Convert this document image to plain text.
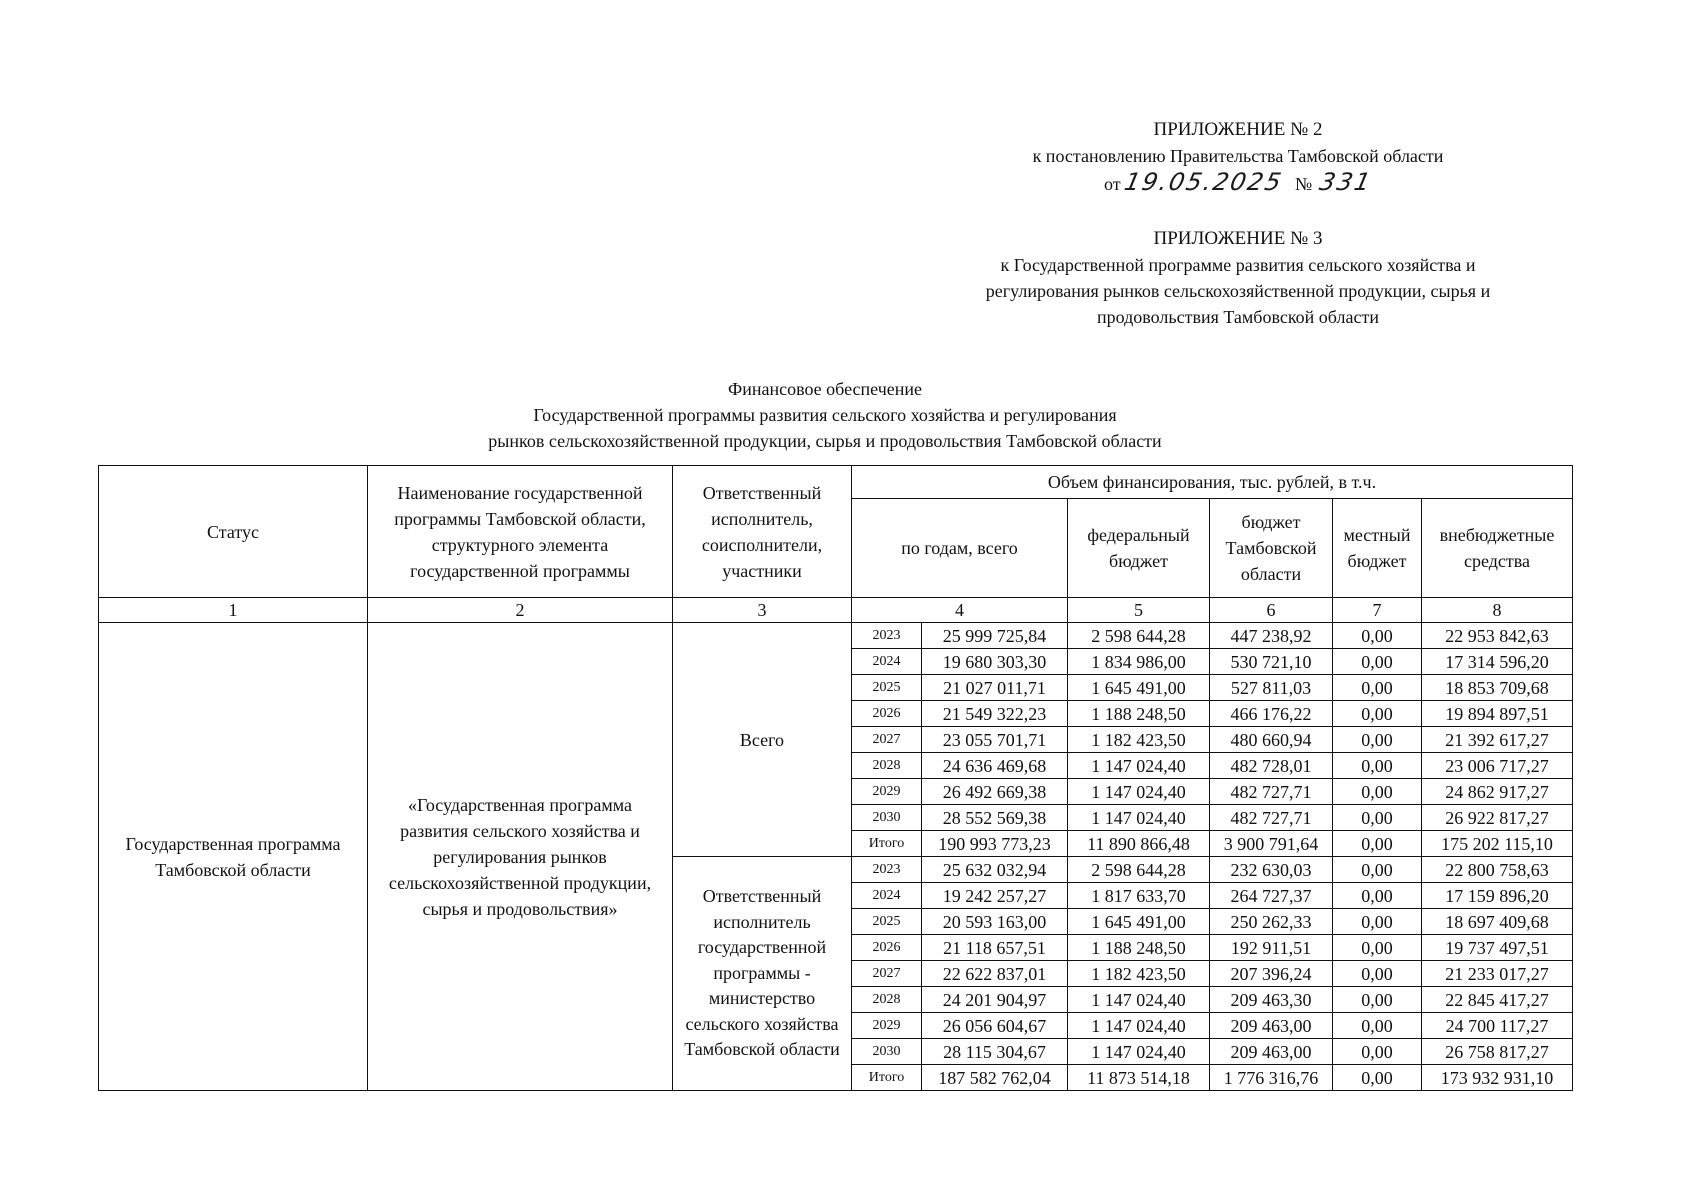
ПРИЛОЖЕНИЕ № 2
к постановлению Правительства Тамбовской области
от 19.05.2025 № 331
ПРИЛОЖЕНИЕ № 3
к Государственной программе развития сельского хозяйства и
регулирования рынков сельскохозяйственной продукции, сырья и
продовольствия Тамбовской области
Финансовое обеспечение
Государственной программы развития сельского хозяйства и регулирования
рынков сельскохозяйственной продукции, сырья и продовольствия Тамбовской области
Статус	Наименование государственной программы Тамбовской области, структурного элемента государственной программы	Ответственный исполнитель, соисполнители, участники	Объем финансирования, тыс. рублей, в т.ч.					
			по годам, всего		федеральный бюджет	бюджет Тамбовской области	местный бюджет	внебюджетные средства
1	2	3	4		5	6	7	8
Государственная программа Тамбовской области	«Государственная программа развития сельского хозяйства и регулирования рынков сельскохозяйственной продукции, сырья и продовольствия»	Всего	2023	25 999 725,84	2 598 644,28	447 238,92	0,00	22 953 842,63
			2024	19 680 303,30	1 834 986,00	530 721,10	0,00	17 314 596,20
			2025	21 027 011,71	1 645 491,00	527 811,03	0,00	18 853 709,68
			2026	21 549 322,23	1 188 248,50	466 176,22	0,00	19 894 897,51
			2027	23 055 701,71	1 182 423,50	480 660,94	0,00	21 392 617,27
			2028	24 636 469,68	1 147 024,40	482 728,01	0,00	23 006 717,27
			2029	26 492 669,38	1 147 024,40	482 727,71	0,00	24 862 917,27
			2030	28 552 569,38	1 147 024,40	482 727,71	0,00	26 922 817,27
			Итого	190 993 773,23	11 890 866,48	3 900 791,64	0,00	175 202 115,10
		Ответственный исполнитель государственной программы - министерство сельского хозяйства Тамбовской области	2023	25 632 032,94	2 598 644,28	232 630,03	0,00	22 800 758,63
			2024	19 242 257,27	1 817 633,70	264 727,37	0,00	17 159 896,20
			2025	20 593 163,00	1 645 491,00	250 262,33	0,00	18 697 409,68
			2026	21 118 657,51	1 188 248,50	192 911,51	0,00	19 737 497,51
			2027	22 622 837,01	1 182 423,50	207 396,24	0,00	21 233 017,27
			2028	24 201 904,97	1 147 024,40	209 463,30	0,00	22 845 417,27
			2029	26 056 604,67	1 147 024,40	209 463,00	0,00	24 700 117,27
			2030	28 115 304,67	1 147 024,40	209 463,00	0,00	26 758 817,27
			Итого	187 582 762,04	11 873 514,18	1 776 316,76	0,00	173 932 931,10
